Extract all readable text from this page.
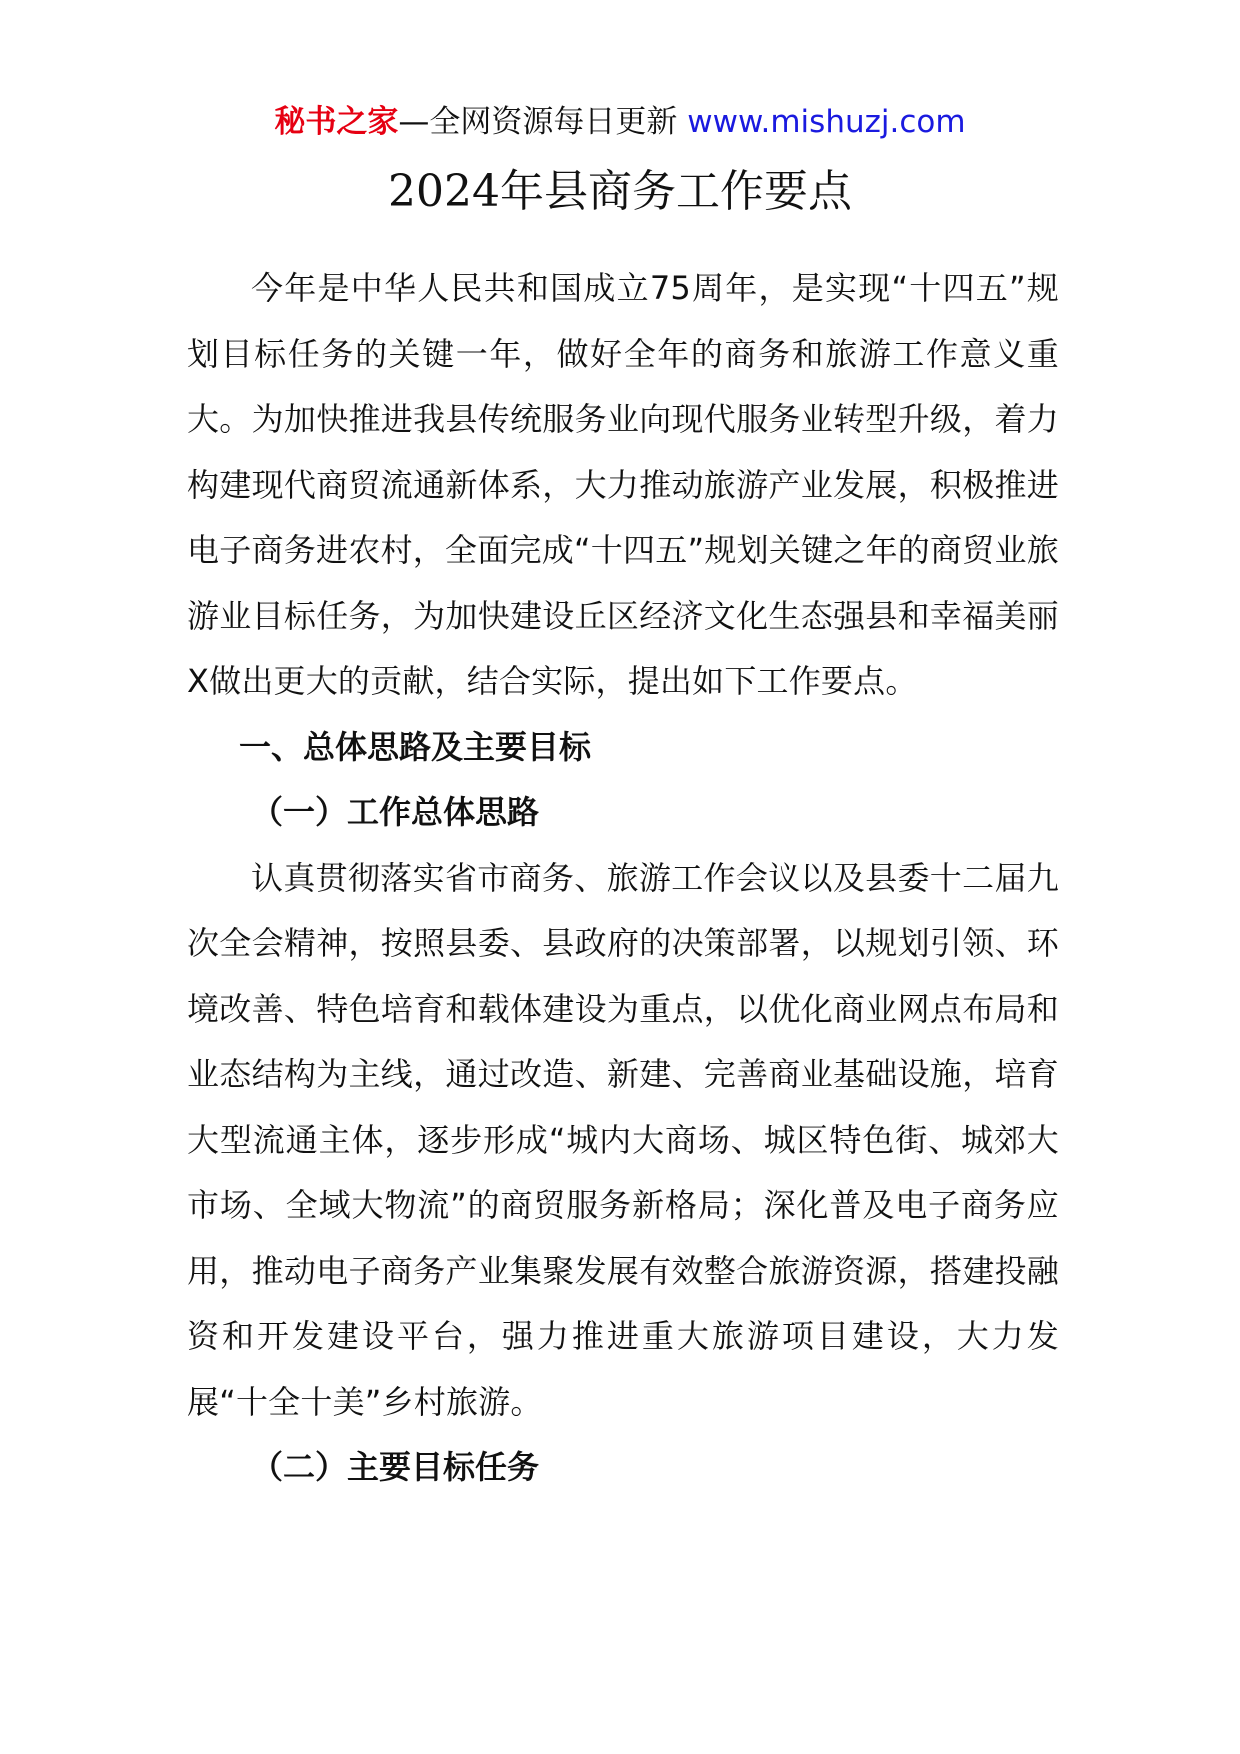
秘书之家—全网资源每日更新 www.mishuzj.com
2024年县商务工作要点

今年是中华人民共和国成立75周年，是实现“十四五”规划目标任务的关键一年，做好全年的商务和旅游工作意义重大。为加快推进我县传统服务业向现代服务业转型升级，着力构建现代商贸流通新体系，大力推动旅游产业发展，积极推进电子商务进农村，全面完成“十四五”规划关键之年的商贸业旅游业目标任务，为加快建设丘区经济文化生态强县和幸福美丽X做出更大的贡献，结合实际，提出如下工作要点。

一、总体思路及主要目标

（一）工作总体思路

认真贯彻落实省市商务、旅游工作会议以及县委十二届九次全会精神，按照县委、县政府的决策部署，以规划引领、环境改善、特色培育和载体建设为重点，以优化商业网点布局和业态结构为主线，通过改造、新建、完善商业基础设施，培育大型流通主体，逐步形成“城内大商场、城区特色街、城郊大市场、全域大物流”的商贸服务新格局；深化普及电子商务应用，推动电子商务产业集聚发展有效整合旅游资源，搭建投融资和开发建设平台，强力推进重大旅游项目建设，大力发展“十全十美”乡村旅游。

（二）主要目标任务
